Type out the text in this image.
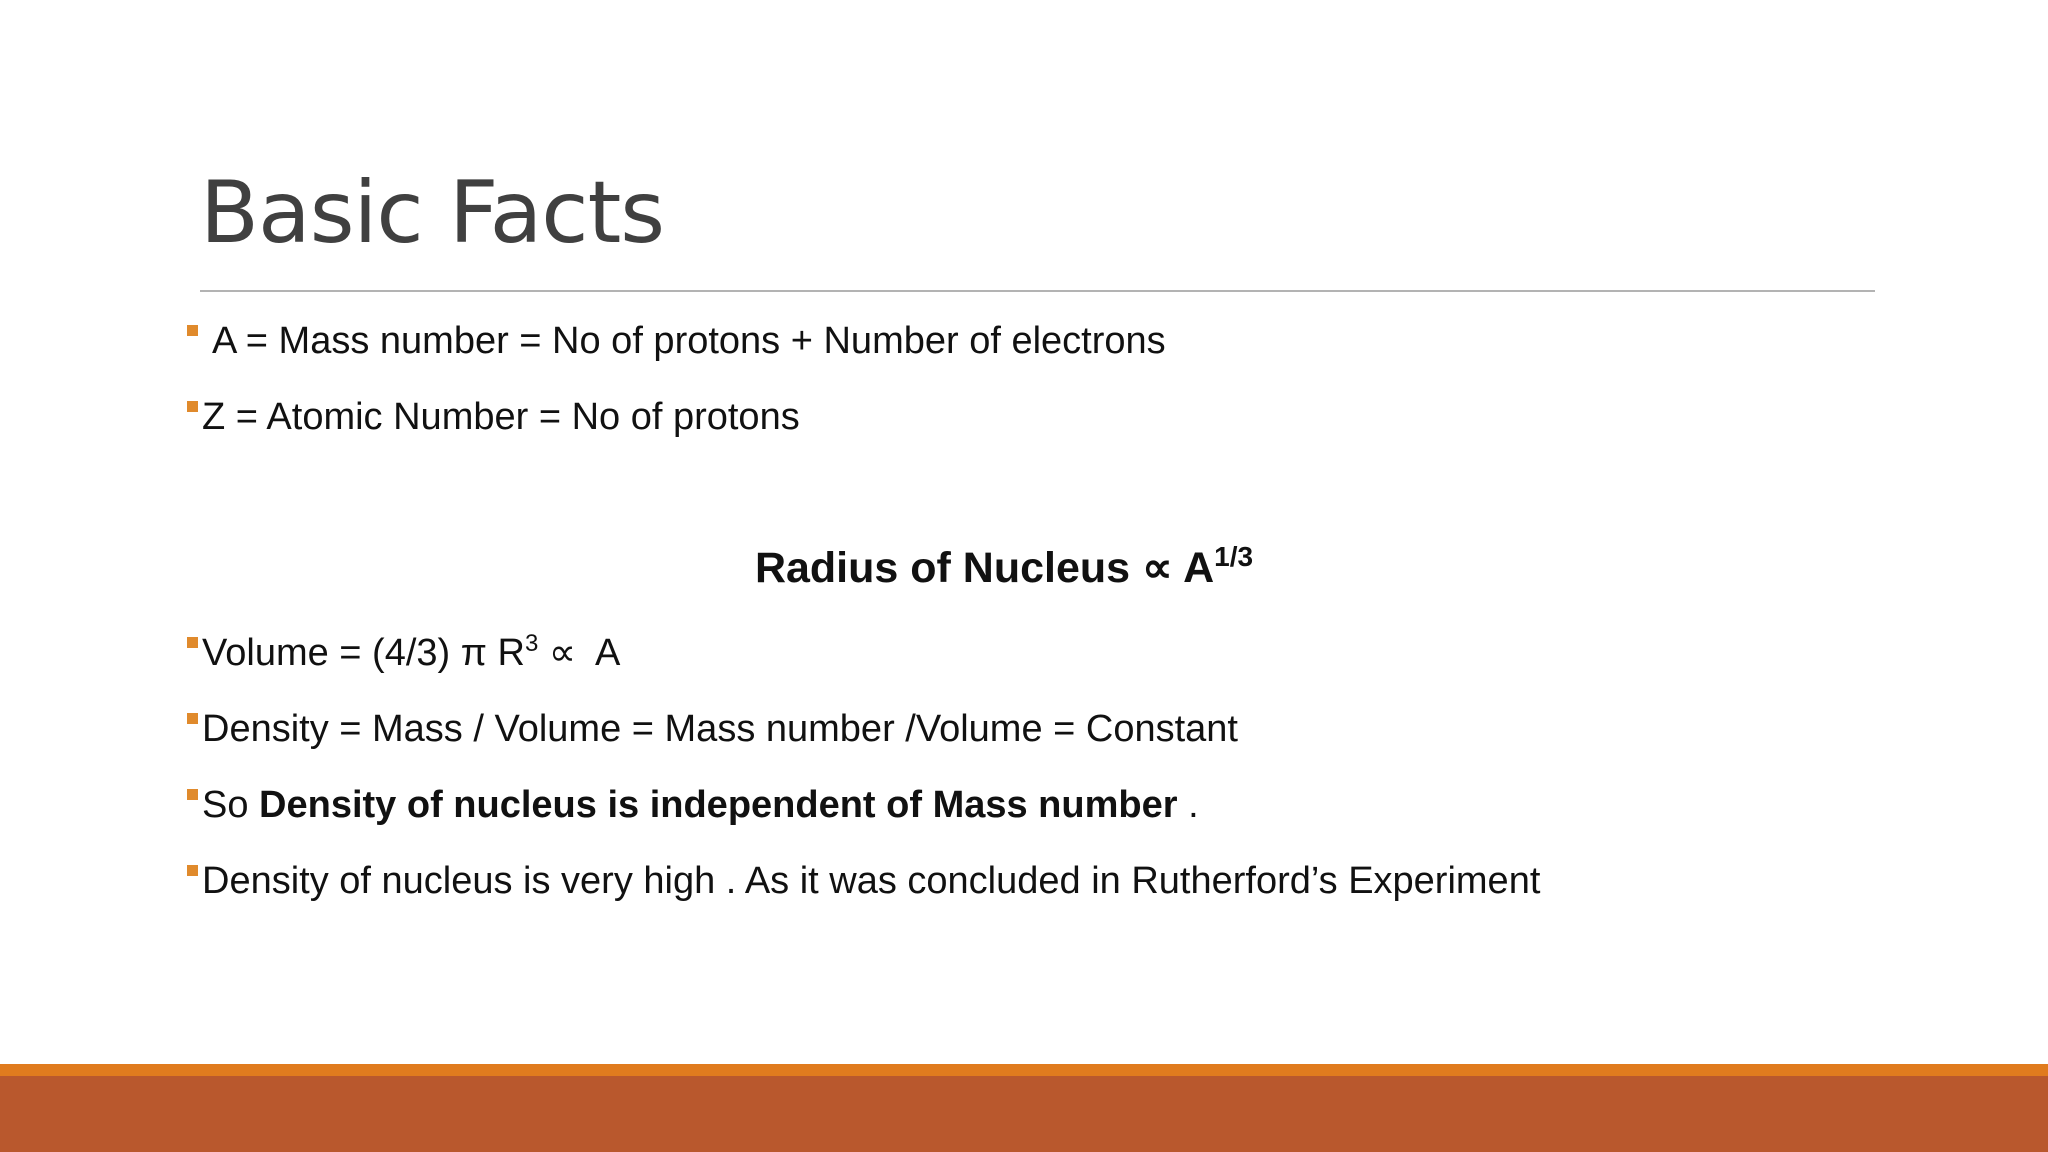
Basic Facts
A = Mass number = No of protons + Number of electrons
Z = Atomic Number = No of protons
Radius of Nucleus ∝ $A^{1/3}$
Volume = (4/3) π $R^3 \propto A$
Density = Mass / Volume = Mass number /Volume = Constant
So Density of nucleus is independent of Mass number .
Density of nucleus is very high . As it was concluded in Rutherford’s Experiment
